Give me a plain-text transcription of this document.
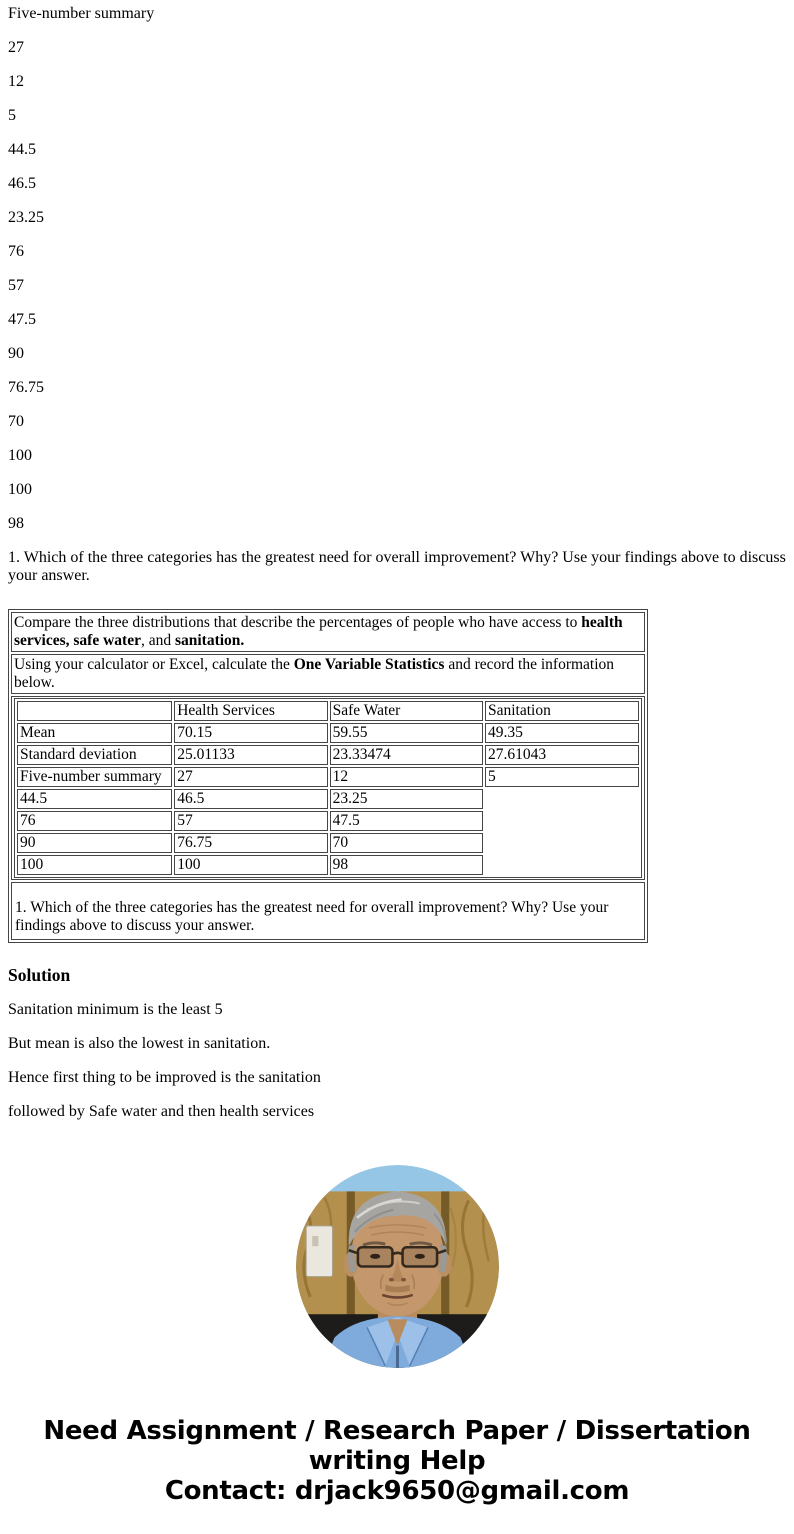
Five-number summary

27

12

5

44.5

46.5

23.25

76

57

47.5

90

76.75

70

100

100

98

1. Which of the three categories has the greatest need for overall improvement? Why? Use your findings above to discuss your answer.

Compare the three distributions that describe the percentages of people who have access to health services, safe water, and sanitation.
Using your calculator or Excel, calculate the One Variable Statistics and record the information below.

	Health Services	Safe Water	Sanitation
Mean	70.15	59.55	49.35
Standard deviation	25.01133	23.33474	27.61043
Five-number summary	27	12	5
44.5	46.5	23.25
76	57	47.5
90	76.75	70
100	100	98

1. Which of the three categories has the greatest need for overall improvement? Why? Use your findings above to discuss your answer.

Solution

Sanitation minimum is the least 5

But mean is also the lowest in sanitation.

Hence first thing to be improved is the sanitation

followed by Safe water and then health services

Need Assignment / Research Paper / Dissertation
writing Help
Contact: drjack9650@gmail.com
